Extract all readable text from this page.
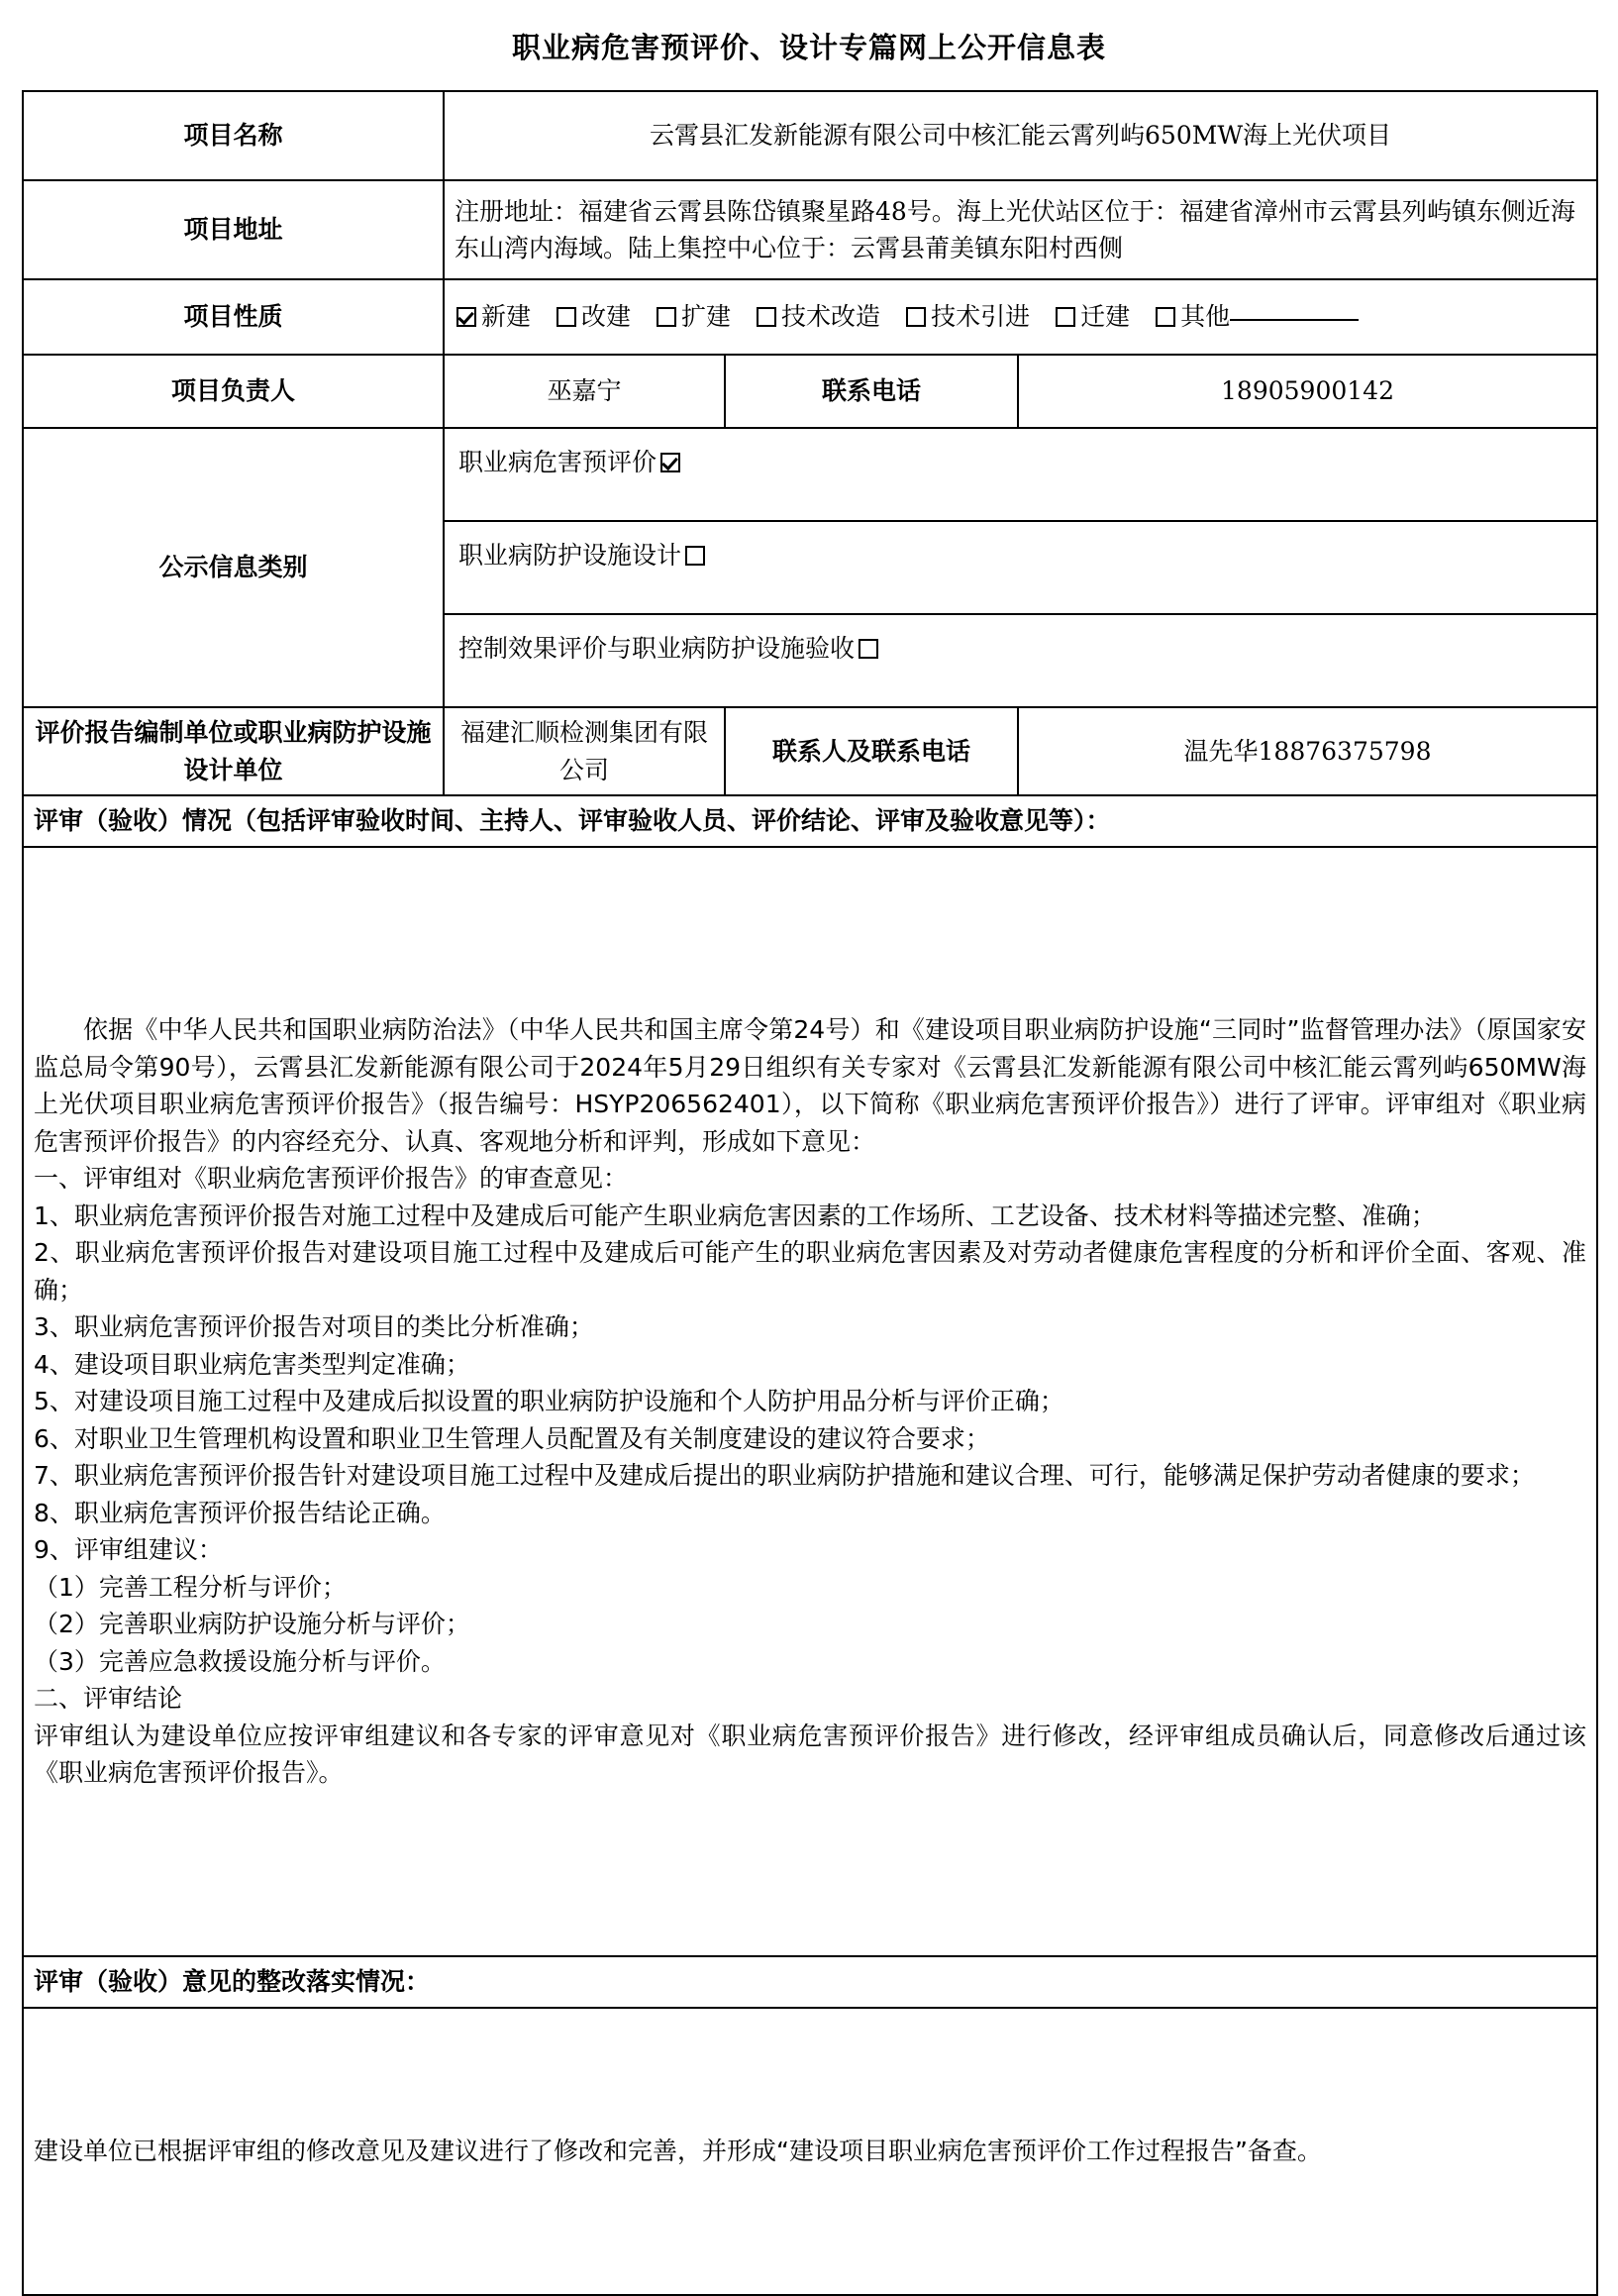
职业病危害预评价、设计专篇网上公开信息表
项目名称	云霄县汇发新能源有限公司中核汇能云霄列屿650MW海上光伏项目		
项目地址	注册地址：福建省云霄县陈岱镇聚星路48号。海上光伏站区位于：福建省漳州市云霄县列屿镇东侧近海东山湾内海域。陆上集控中心位于：云霄县莆美镇东阳村西侧		
项目性质	新建 改建 扩建 技术改造 技术引进 迁建 其他		
项目负责人	巫嘉宁	联系电话	18905900142
公示信息类别	职业病危害预评价
职业病防护设施设计
控制效果评价与职业病防护设施验收		

评价报告编制单位或职业病防护设施设计单位	福建汇顺检测集团有限公司	联系人及联系电话	温先华18876375798
评审（验收）情况（包括评审验收时间、主持人、评审验收人员、评价结论、评审及验收意见等）：			

依据《中华人民共和国职业病防治法》（中华人民共和国主席令第24号）和《建设项目职业病防护设施“三同时”监督管理办法》（原国家安监总局令第90号），云霄县汇发新能源有限公司于2024年5月29日组织有关专家对《云霄县汇发新能源有限公司中核汇能云霄列屿650MW海上光伏项目职业病危害预评价报告》（报告编号：HSYP206562401），以下简称《职业病危害预评价报告》）进行了评审。评审组对《职业病危害预评价报告》的内容经充分、认真、客观地分析和评判，形成如下意见：

一、评审组对《职业病危害预评价报告》的审查意见：

1、职业病危害预评价报告对施工过程中及建成后可能产生职业病危害因素的工作场所、工艺设备、技术材料等描述完整、准确；

2、职业病危害预评价报告对建设项目施工过程中及建成后可能产生的职业病危害因素及对劳动者健康危害程度的分析和评价全面、客观、准确；

3、职业病危害预评价报告对项目的类比分析准确；

4、建设项目职业病危害类型判定准确；

5、对建设项目施工过程中及建成后拟设置的职业病防护设施和个人防护用品分析与评价正确；

6、对职业卫生管理机构设置和职业卫生管理人员配置及有关制度建设的建议符合要求；

7、职业病危害预评价报告针对建设项目施工过程中及建成后提出的职业病防护措施和建议合理、可行，能够满足保护劳动者健康的要求；

8、职业病危害预评价报告结论正确。

9、评审组建议：

（1）完善工程分析与评价；

（2）完善职业病防护设施分析与评价；

（3）完善应急救援设施分析与评价。

二、评审结论

评审组认为建设单位应按评审组建议和各专家的评审意见对《职业病危害预评价报告》进行修改，经评审组成员确认后，同意修改后通过该《职业病危害预评价报告》。

评审（验收）意见的整改落实情况：			

建设单位已根据评审组的修改意见及建议进行了修改和完善，并形成“建设项目职业病危害预评价工作过程报告”备查。			
